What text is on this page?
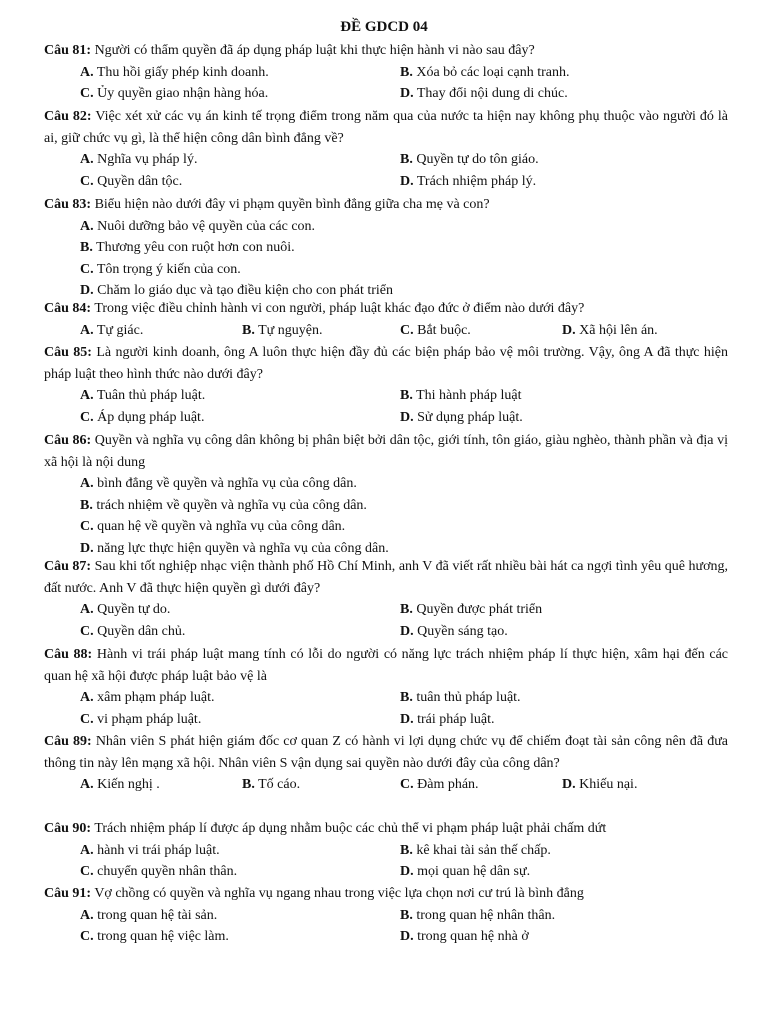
ĐỀ GDCD 04

Câu 81: Người có thẩm quyền đã áp dụng pháp luật khi thực hiện hành vi nào sau đây?

A. Thu hồi giấy phép kinh doanh.	B. Xóa bỏ các loại cạnh tranh.
C. Ủy quyền giao nhận hàng hóa.	D. Thay đổi nội dung di chúc.

Câu 82: Việc xét xử các vụ án kinh tế trọng điểm trong năm qua của nước ta hiện nay không phụ thuộc vào người đó là ai, giữ chức vụ gì, là thể hiện công dân bình đẳng về?

A. Nghĩa vụ pháp lý.	B. Quyền tự do tôn giáo.
C. Quyền dân tộc.	D. Trách nhiệm pháp lý.

Câu 83: Biểu hiện nào dưới đây vi phạm quyền bình đẳng giữa cha mẹ và con?

A. Nuôi dưỡng bảo vệ quyền của các con.
B. Thương yêu con ruột hơn con nuôi.
C. Tôn trọng ý kiến của con.
D. Chăm lo giáo dục và tạo điều kiện cho con phát triển

Câu 84: Trong việc điều chỉnh hành vi con người, pháp luật khác đạo đức ở điểm nào dưới đây?

A. Tự giác.	B. Tự nguyện.	C. Bắt buộc.	D. Xã hội lên án.

Câu 85: Là người kinh doanh, ông A luôn thực hiện đầy đủ các biện pháp bảo vệ môi trường. Vậy, ông A đã thực hiện pháp luật theo hình thức nào dưới đây?

A. Tuân thủ pháp luật.	B. Thi hành pháp luật
C. Áp dụng pháp luật.	D. Sử dụng pháp luật.

Câu 86: Quyền và nghĩa vụ công dân không bị phân biệt bởi dân tộc, giới tính, tôn giáo, giàu nghèo, thành phần và địa vị xã hội là nội dung

A. bình đẳng về quyền và nghĩa vụ của công dân.
B. trách nhiệm về quyền và nghĩa vụ của công dân.
C. quan hệ về quyền và nghĩa vụ của công dân.
D. năng lực thực hiện quyền và nghĩa vụ của công dân.

Câu 87: Sau khi tốt nghiệp nhạc viện thành phố Hồ Chí Minh, anh V đã viết rất nhiều bài hát ca ngợi tình yêu quê hương, đất nước. Anh V đã thực hiện quyền gì dưới đây?

A. Quyền tự do.	B. Quyền được phát triển
C. Quyền dân chủ.	D. Quyền sáng tạo.

Câu 88: Hành vi trái pháp luật mang tính có lỗi do người có năng lực trách nhiệm pháp lí thực hiện, xâm hại đến các quan hệ xã hội được pháp luật bảo vệ là

A. xâm phạm pháp luật.	B. tuân thủ pháp luật.
C. vi phạm pháp luật.	D. trái pháp luật.

Câu 89: Nhân viên S phát hiện giám đốc cơ quan Z có hành vi lợi dụng chức vụ để chiếm đoạt tài sản công nên đã đưa thông tin này lên mạng xã hội. Nhân viên S vận dụng sai quyền nào dưới đây của công dân?

A. Kiến nghị .	B. Tố cáo.	C. Đàm phán.	D. Khiếu nại.

Câu 90: Trách nhiệm pháp lí được áp dụng nhằm buộc các chủ thể vi phạm pháp luật phải chấm dứt

A. hành vi trái pháp luật.	B. kê khai tài sản thế chấp.
C. chuyển quyền nhân thân.	D. mọi quan hệ dân sự.

Câu 91: Vợ chồng có quyền và nghĩa vụ ngang nhau trong việc lựa chọn nơi cư trú là bình đẳng

A. trong quan hệ tài sản.	B. trong quan hệ nhân thân.
C. trong quan hệ việc làm.	D. trong quan hệ nhà ở
